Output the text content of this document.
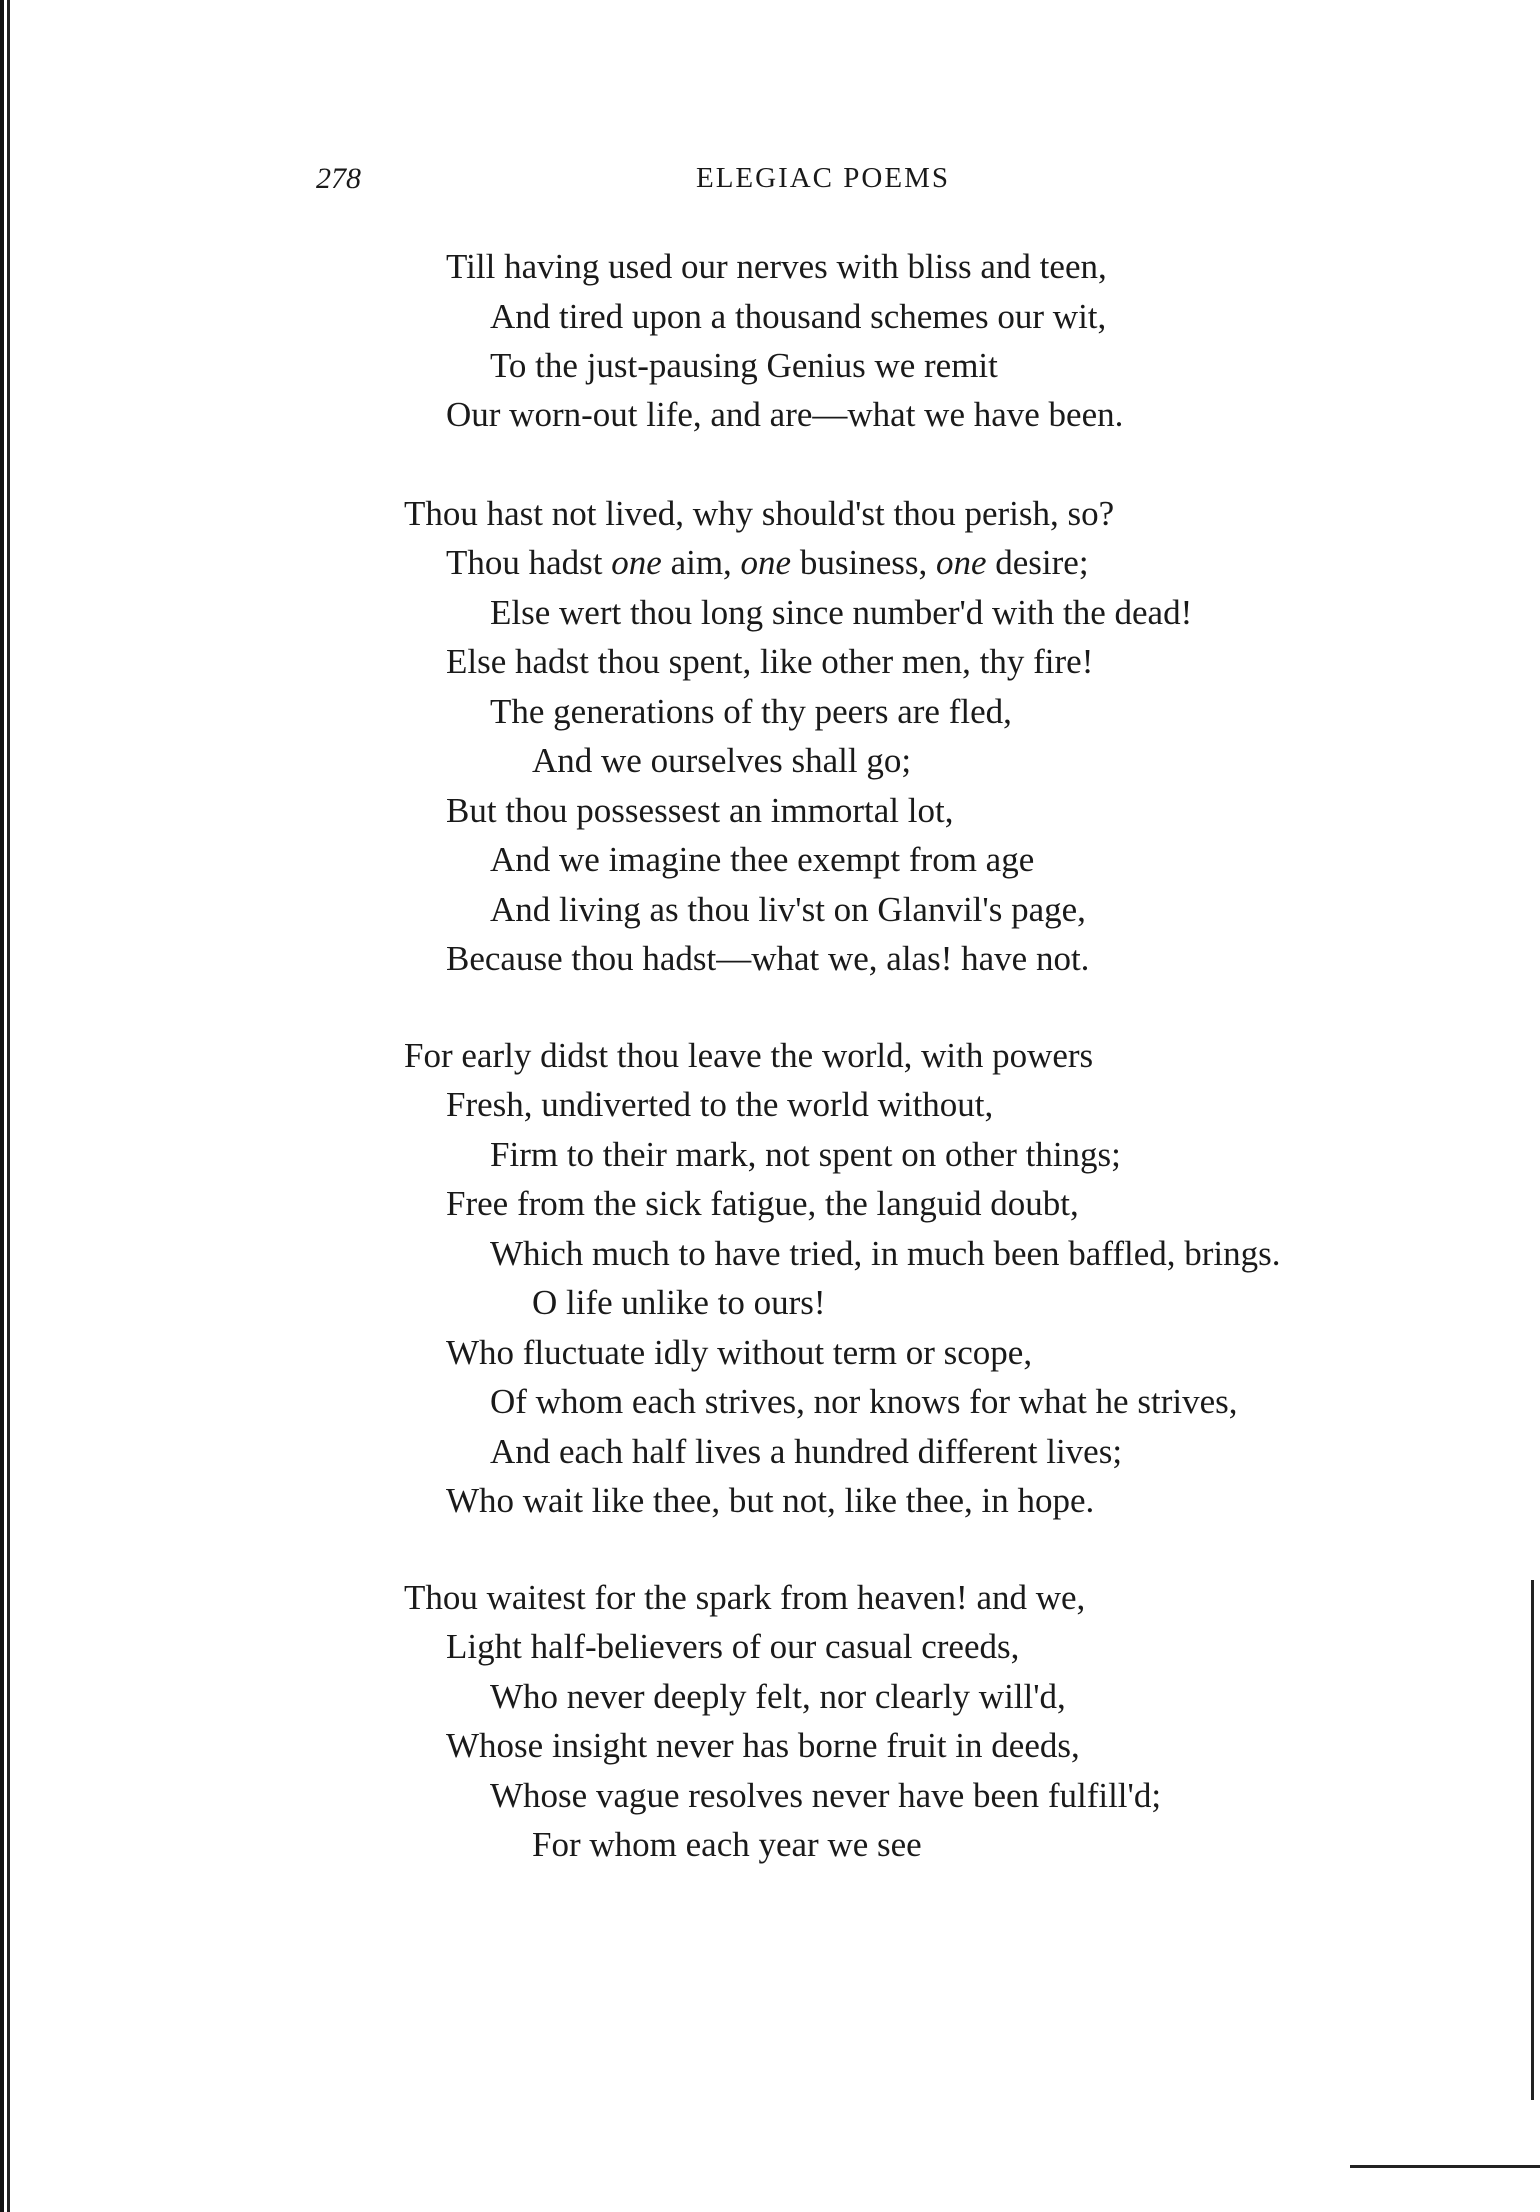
278	ELEGIAC POEMS
Till having used our nerves with bliss and teen,
And tired upon a thousand schemes our wit,
To the just-pausing Genius we remit
Our worn-out life, and are—what we have been.
Thou hast not lived, why should'st thou perish, so?
Thou hadst one aim, one business, one desire;
Else wert thou long since number'd with the dead!
Else hadst thou spent, like other men, thy fire!
The generations of thy peers are fled,
And we ourselves shall go;
But thou possessest an immortal lot,
And we imagine thee exempt from age
And living as thou liv'st on Glanvil's page,
Because thou hadst—what we, alas! have not.
For early didst thou leave the world, with powers
Fresh, undiverted to the world without,
Firm to their mark, not spent on other things;
Free from the sick fatigue, the languid doubt,
Which much to have tried, in much been baffled, brings.
O life unlike to ours!
Who fluctuate idly without term or scope,
Of whom each strives, nor knows for what he strives,
And each half lives a hundred different lives;
Who wait like thee, but not, like thee, in hope.
Thou waitest for the spark from heaven! and we,
Light half-believers of our casual creeds,
Who never deeply felt, nor clearly will'd,
Whose insight never has borne fruit in deeds,
Whose vague resolves never have been fulfill'd;
For whom each year we see
